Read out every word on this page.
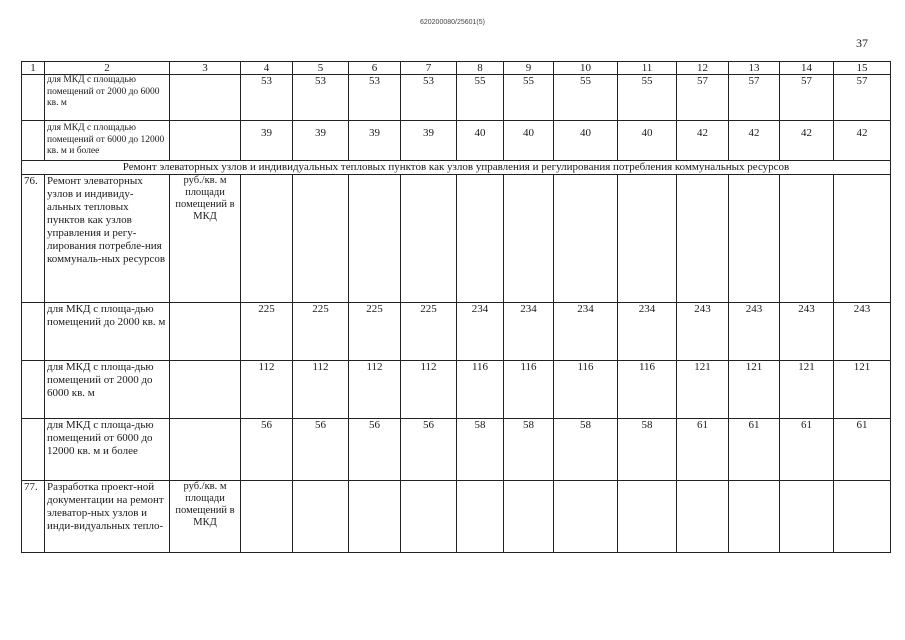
620200080/25601(5)
37
1	2	3	4	5	6	7	8	9	10	11	12	13	14	15
	для МКД с площадью помещений от 2000 до 6000 кв. м		53	53	53	53	55	55	55	55	57	57	57	57
	для МКД с площадью помещений от 6000 до 12000 кв. м и более		39	39	39	39	40	40	40	40	42	42	42	42
Ремонт элеваторных узлов и индивидуальных тепловых пунктов как узлов управления и регулирования потребления коммунальных ресурсов														
76.	Ремонт элеваторных узлов и индивиду-альных тепловых пунктов как узлов управления и регу-лирования потребле-ния коммуналь-ных ресурсов	руб./кв. м площади помещений в МКД												
	для МКД с площа-дью помещений до 2000 кв. м		225	225	225	225	234	234	234	234	243	243	243	243
	для МКД с площа-дью помещений от 2000 до 6000 кв. м		112	112	112	112	116	116	116	116	121	121	121	121
	для МКД с площа-дью помещений от 6000 до 12000 кв. м и более		56	56	56	56	58	58	58	58	61	61	61	61
77.	Разработка проект-ной документации на ремонт элеватор-ных узлов и инди-видуальных тепло-	руб./кв. м площади помещений в МКД												
